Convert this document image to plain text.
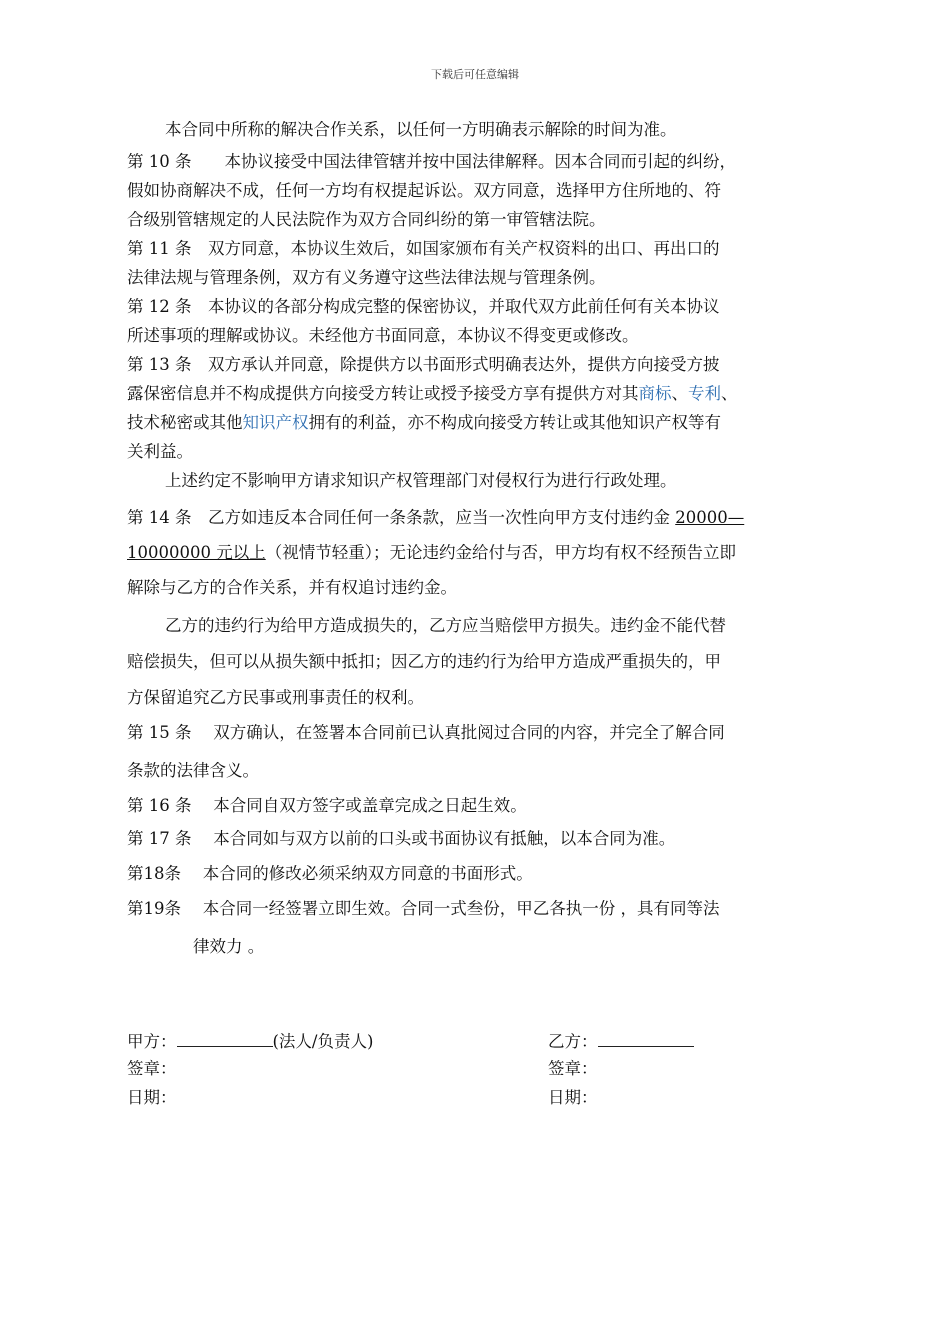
下载后可任意编辑
本合同中所称的解决合作关系，以任何一方明确表示解除的时间为准。
第 10 条　　本协议接受中国法律管辖并按中国法律解释。因本合同而引起的纠纷，
假如协商解决不成，任何一方均有权提起诉讼。双方同意，选择甲方住所地的、符
合级别管辖规定的人民法院作为双方合同纠纷的第一审管辖法院。
第 11 条　双方同意，本协议生效后，如国家颁布有关产权资料的出口、再出口的
法律法规与管理条例，双方有义务遵守这些法律法规与管理条例。
第 12 条　本协议的各部分构成完整的保密协议，并取代双方此前任何有关本协议
所述事项的理解或协议。未经他方书面同意，本协议不得变更或修改。
第 13 条　双方承认并同意，除提供方以书面形式明确表达外，提供方向接受方披
露保密信息并不构成提供方向接受方转让或授予接受方享有提供方对其商标、专利、
技术秘密或其他知识产权拥有的利益，亦不构成向接受方转让或其他知识产权等有
关利益。
上述约定不影响甲方请求知识产权管理部门对侵权行为进行行政处理。
第 14 条　乙方如违反本合同任何一条条款，应当一次性向甲方支付违约金 20000—
10000000 元以上（视情节轻重）；无论违约金给付与否，甲方均有权不经预告立即
解除与乙方的合作关系，并有权追讨违约金。
乙方的违约行为给甲方造成损失的，乙方应当赔偿甲方损失。违约金不能代替
赔偿损失，但可以从损失额中抵扣；因乙方的违约行为给甲方造成严重损失的，甲
方保留追究乙方民事或刑事责任的权利。
第 15 条　 双方确认，在签署本合同前已认真批阅过合同的内容，并完全了解合同
条款的法律含义。
第 16 条　 本合同自双方签字或盖章完成之日起生效。
第 17 条　 本合同如与双方以前的口头或书面协议有抵触，以本合同为准。
第18条　 本合同的修改必须采纳双方同意的书面形式。
第19条　 本合同一经签署立即生效。合同一式叁份，甲乙各执一份 ，具有同等法
律效力 。
甲方：	(法人/负责人)	乙方：
签章：	签章：
日期：	日期：
